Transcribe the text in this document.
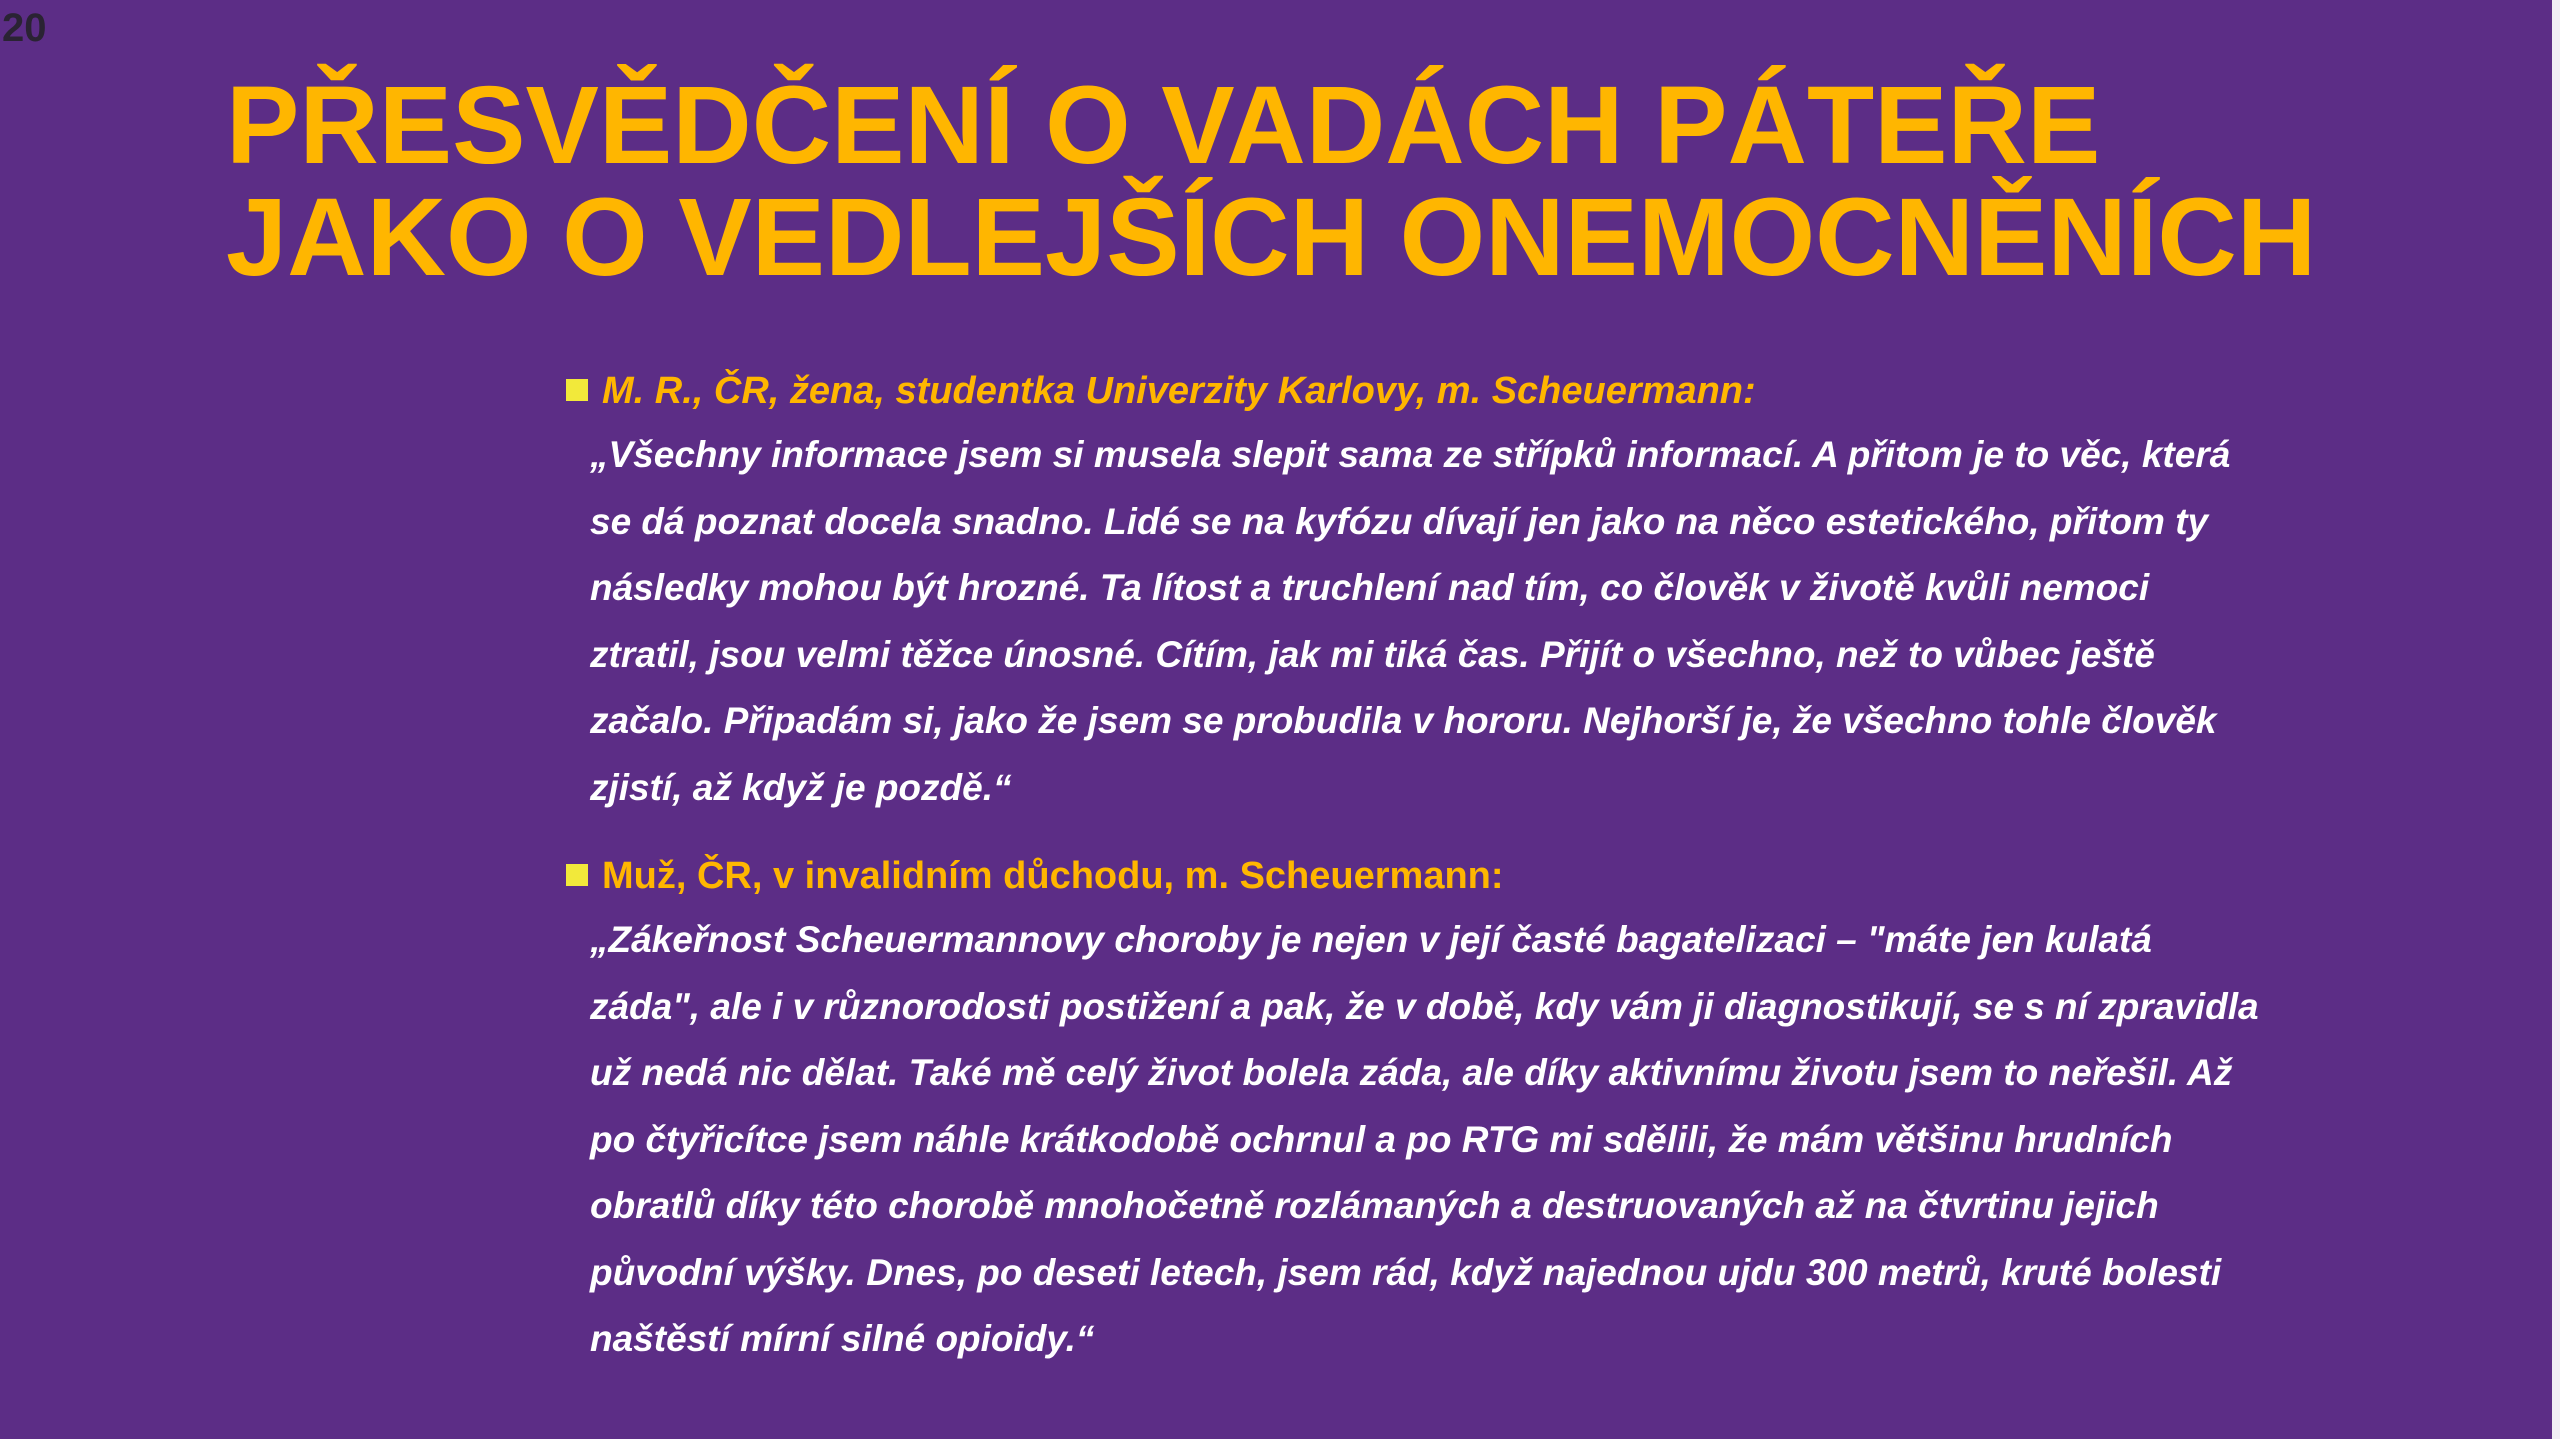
20
PŘESVĚDČENÍ O VADÁCH PÁTEŘE
JAKO O VEDLEJŠÍCH ONEMOCNĚNÍCH
M. R., ČR, žena, studentka Univerzity Karlovy, m. Scheuermann:
„Všechny informace jsem si musela slepit sama ze střípků informací. A přitom je to věc, která
se dá poznat docela snadno. Lidé se na kyfózu dívají jen jako na něco estetického, přitom ty
následky mohou být hrozné. Ta lítost a truchlení nad tím, co člověk v životě kvůli nemoci
ztratil, jsou velmi těžce únosné. Cítím, jak mi tiká čas. Přijít o všechno, než to vůbec ještě
začalo. Připadám si, jako že jsem se probudila v hororu. Nejhorší je, že všechno tohle člověk
zjistí, až když je pozdě.“
Muž, ČR, v invalidním důchodu, m. Scheuermann:
„Zákeřnost Scheuermannovy choroby je nejen v její časté bagatelizaci – "máte jen kulatá
záda", ale i v různorodosti postižení a pak, že v době, kdy vám ji diagnostikují, se s ní zpravidla
už nedá nic dělat. Také mě celý život bolela záda, ale díky aktivnímu životu jsem to neřešil. Až
po čtyřicítce jsem náhle krátkodobě ochrnul a po RTG mi sdělili, že mám většinu hrudních
obratlů díky této chorobě mnohočetně rozlámaných a destruovaných až na čtvrtinu jejich
původní výšky. Dnes, po deseti letech, jsem rád, když najednou ujdu 300 metrů, kruté bolesti
naštěstí mírní silné opioidy.“
